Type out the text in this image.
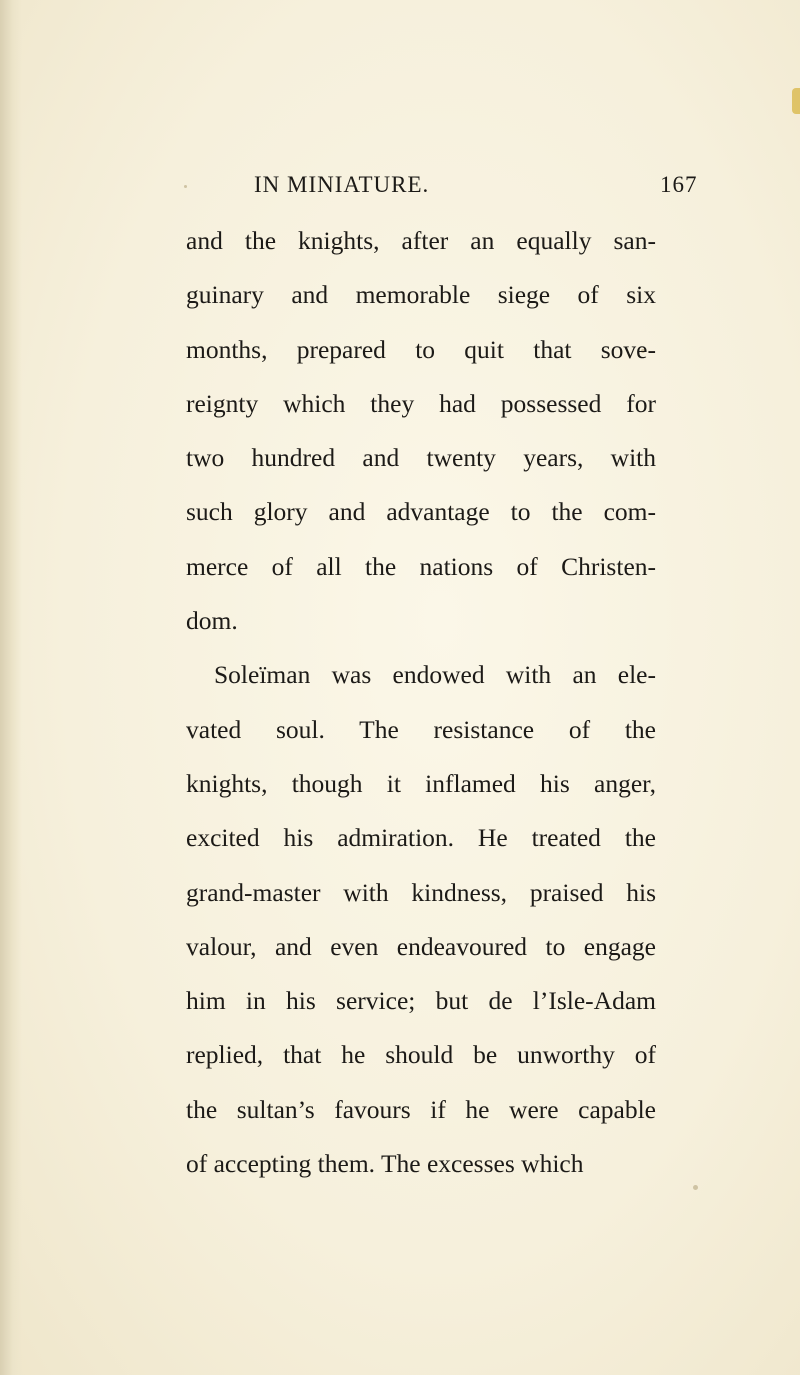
IN MINIATURE.	167
and the knights, after an equally san-
guinary and memorable siege of six
months, prepared to quit that sove-
reignty which they had possessed for
two hundred and twenty years, with
such glory and advantage to the com-
merce of all the nations of Christen-
dom.
Soleïman was endowed with an ele-
vated soul. The resistance of the
knights, though it inflamed his anger,
excited his admiration. He treated the
grand-master with kindness, praised his
valour, and even endeavoured to engage
him in his service; but de l’Isle-Adam
replied, that he should be unworthy of
the sultan’s favours if he were capable
of accepting them. The excesses which
